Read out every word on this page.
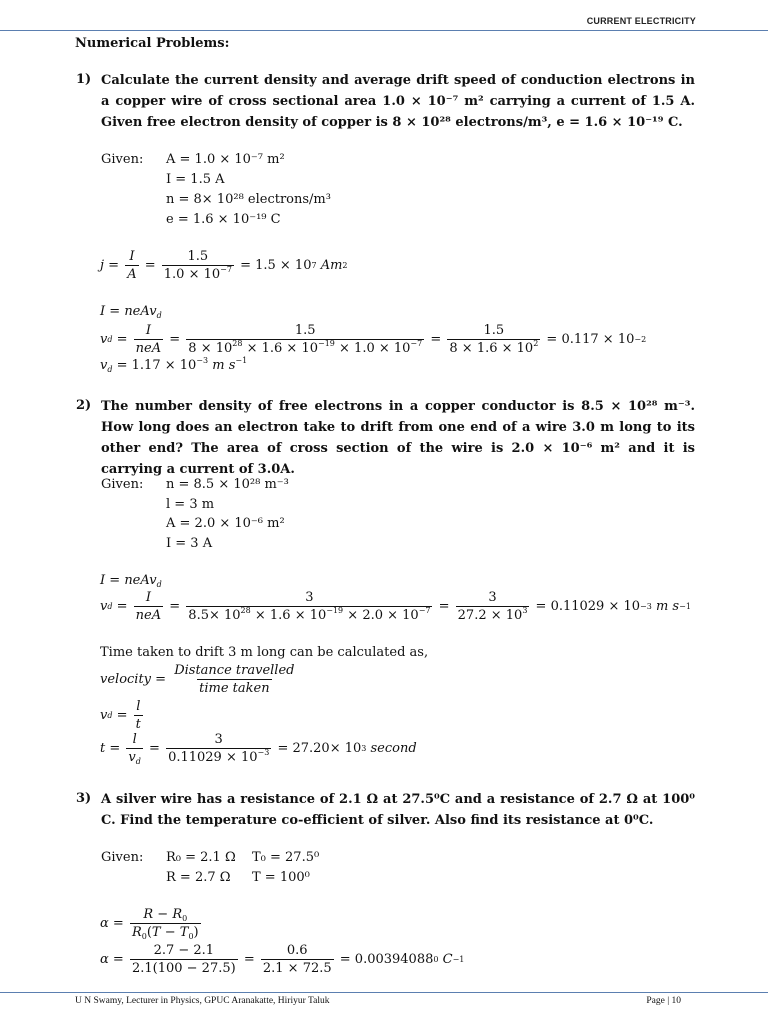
CURRENT ELECTRICITY
Numerical Problems:
1) Calculate the current density and average drift speed of conduction electrons in a copper wire of cross sectional area 1.0 × 10⁻⁷ m² carrying a current of 1.5 A. Given free electron density of copper is 8 × 10²⁸ electrons/m³, e = 1.6 × 10⁻¹⁹ C.
Given: A = 1.0 × 10⁻⁷ m²
I = 1.5 A
n = 8× 10²⁸ electrons/m³
e = 1.6 × 10⁻¹⁹ C
$j = \frac{I}{A} = \frac{1.5}{1.0 \times 10^{-7}} = 1.5 \times 10$ 7
Am 2
I = neAv$_d$
v $d = \frac{I}{\text{neA}} = \frac{1.5}{8 \times 10^{28} \times 1.6 \times 10^{-19} \times 1.0 \times 10^{-7}} = \frac{1.5}{8 \times 1.6 \times 10^2} = 0.117 \times 10 -2$
$v_d = 1.17 \times 10^{-3}$ m $s^{-1}$
2) The number density of free electrons in a copper conductor is 8.5 × 10²⁸ m⁻³. How long does an electron take to drift from one end of a wire 3.0 m long to its other end? The area of cross section of the wire is 2.0 × 10⁻⁶ m² and it is carrying a current of 3.0A.
Given: n = 8.5 × 10²⁸ m⁻³
l = 3 m
A = 2.0 × 10⁻⁶ m²
I = 3 A
I = neAv$_d$
v $d = \frac{I}{\text{neA}} = \frac{3}{8.5\times 10^{28} \times 1.6 \times 10^{-19} \times 2.0 \times 10^{-7}} = \frac{3}{27.2 \times 10^3} = 0.11029 \times 10 -3$
m s −1
Time taken to drift 3 m long can be calculated as,
velocity = $\frac{\text{Distance travelled}}{\text{time taken}}$
v $d = \frac{l}{t}$
$t = \frac{l}{v_d} = \frac{3}{0.11029 \times 10^{-3}} = 27.20\times 10$ 3
second
3) A silver wire has a resistance of 2.1 Ω at 27.5⁰C and a resistance of 2.7 Ω at 100⁰ C. Find the temperature co-efficient of silver. Also find its resistance at 0⁰C.
Given: R₀ = 2.1 Ω T₀ = 27.5⁰
R = 2.7 Ω T = 100⁰
$\alpha = \frac{R - R_0}{R_0(T - T_0)}$
$\alpha = \frac{2.7 - 2.1}{2.1(100 - 27.5)} = \frac{0.6}{2.1 \times 72.5} = 0.00394088$ 0
C −1
U N Swamy, Lecturer in Physics, GPUC Aranakatte, Hiriyur Taluk	Page | 10
